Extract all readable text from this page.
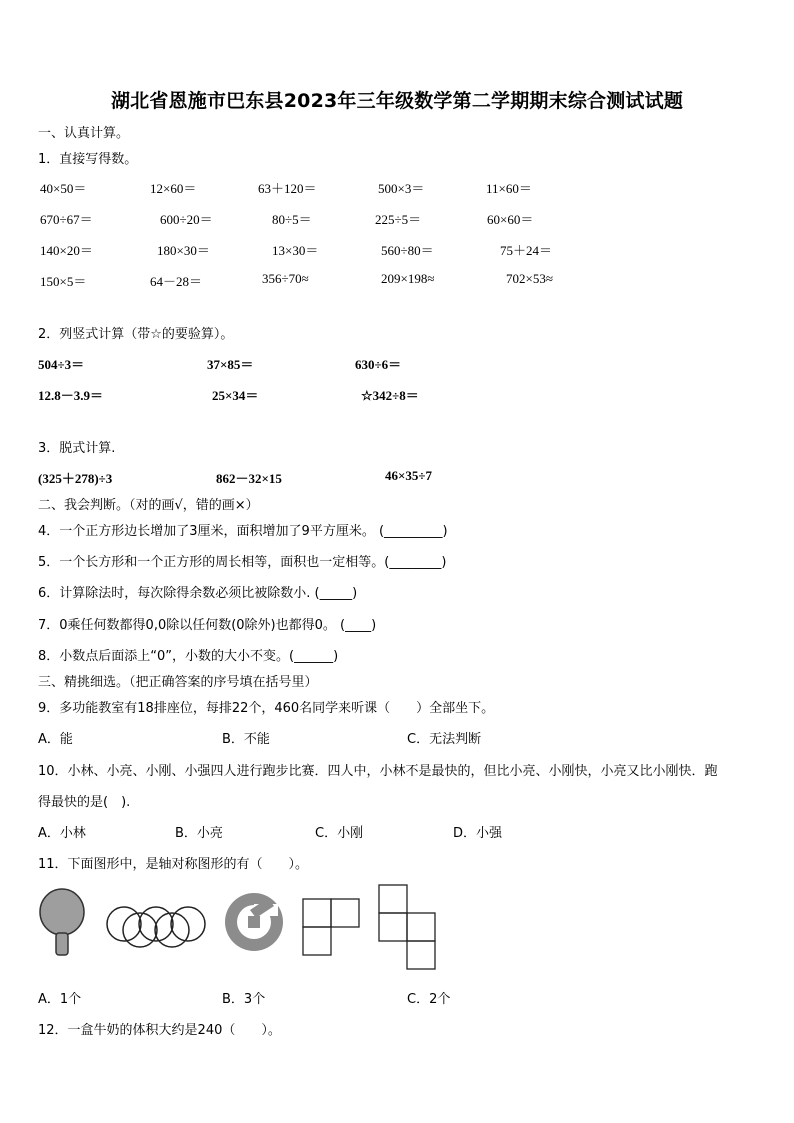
湖北省恩施市巴东县2023年三年级数学第二学期期末综合测试试题
一、认真计算。
1．直接写得数。
40×50＝	12×60＝	63＋120＝	500×3＝	11×60＝
670÷67＝	600÷20＝	80÷5＝	225÷5＝	60×60＝
140×20＝	180×30＝	13×30＝	560÷80＝	75＋24＝
150×5＝	64－28＝	356÷70≈	209×198≈	702×53≈
2．列竖式计算（带☆的要验算）。
504÷3＝	37×85＝	630÷6＝
12.8－3.9＝	25×34＝	☆342÷8＝
3．脱式计算.
(325＋278)÷3	862－32×15	46×35÷7
二、我会判断。（对的画√，错的画×）
4．一个正方形边长增加了3厘米，面积增加了9平方厘米。 (_________)
5．一个长方形和一个正方形的周长相等，面积也一定相等。(________)
6．计算除法时，每次除得余数必须比被除数小. (_____)
7．0乘任何数都得0,0除以任何数(0除外)也都得0。 (____)
8．小数点后面添上“0”，小数的大小不变。(______)
三、精挑细选。（把正确答案的序号填在括号里）
9．多功能教室有18排座位，每排22个，460名同学来听课（　　）全部坐下。
A．能	B．不能	C．无法判断
10．小林、小亮、小刚、小强四人进行跑步比赛．四人中，小林不是最快的，但比小亮、小刚快，小亮又比小刚快．跑
得最快的是(　).
A．小林	B．小亮	C．小刚	D．小强
11．下面图形中，是轴对称图形的有（　　）。
A．1个	B．3个	C．2个
12．一盒牛奶的体积大约是240（　　）。
